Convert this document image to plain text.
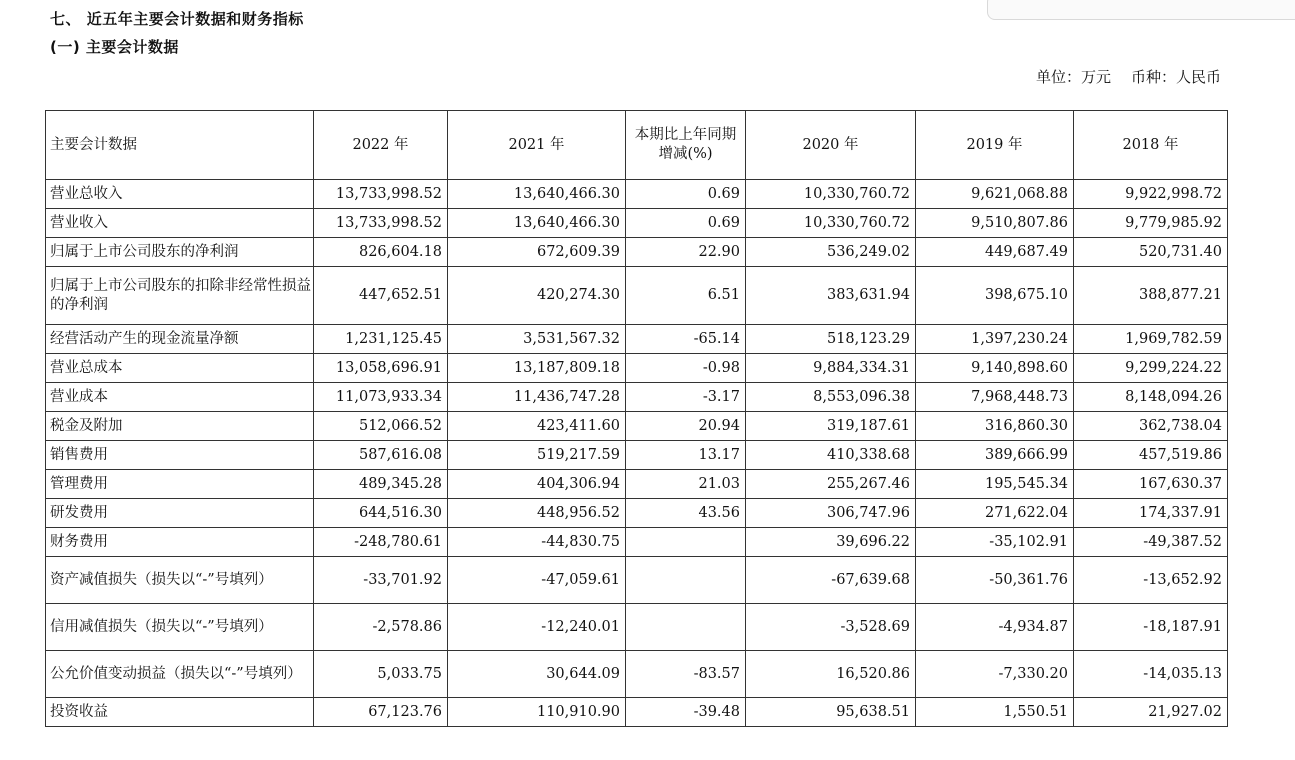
七、 近五年主要会计数据和财务指标
(一) 主要会计数据
单位：万元 币种：人民币
主要会计数据	2022 年	2021 年	本期比上年同期增减(%)	2020 年	2019 年	2018 年
营业总收入	13,733,998.52	13,640,466.30	0.69	10,330,760.72	9,621,068.88	9,922,998.72
营业收入	13,733,998.52	13,640,466.30	0.69	10,330,760.72	9,510,807.86	9,779,985.92
归属于上市公司股东的净利润	826,604.18	672,609.39	22.90	536,249.02	449,687.49	520,731.40
归属于上市公司股东的扣除非经常性损益的净利润	447,652.51	420,274.30	6.51	383,631.94	398,675.10	388,877.21
经营活动产生的现金流量净额	1,231,125.45	3,531,567.32	-65.14	518,123.29	1,397,230.24	1,969,782.59
营业总成本	13,058,696.91	13,187,809.18	-0.98	9,884,334.31	9,140,898.60	9,299,224.22
营业成本	11,073,933.34	11,436,747.28	-3.17	8,553,096.38	7,968,448.73	8,148,094.26
税金及附加	512,066.52	423,411.60	20.94	319,187.61	316,860.30	362,738.04
销售费用	587,616.08	519,217.59	13.17	410,338.68	389,666.99	457,519.86
管理费用	489,345.28	404,306.94	21.03	255,267.46	195,545.34	167,630.37
研发费用	644,516.30	448,956.52	43.56	306,747.96	271,622.04	174,337.91
财务费用	-248,780.61	-44,830.75		39,696.22	-35,102.91	-49,387.52
资产减值损失（损失以“-”号填列）	-33,701.92	-47,059.61		-67,639.68	-50,361.76	-13,652.92
信用减值损失（损失以“-”号填列）	-2,578.86	-12,240.01		-3,528.69	-4,934.87	-18,187.91
公允价值变动损益（损失以“-”号填列）	5,033.75	30,644.09	-83.57	16,520.86	-7,330.20	-14,035.13
投资收益	67,123.76	110,910.90	-39.48	95,638.51	1,550.51	21,927.02
